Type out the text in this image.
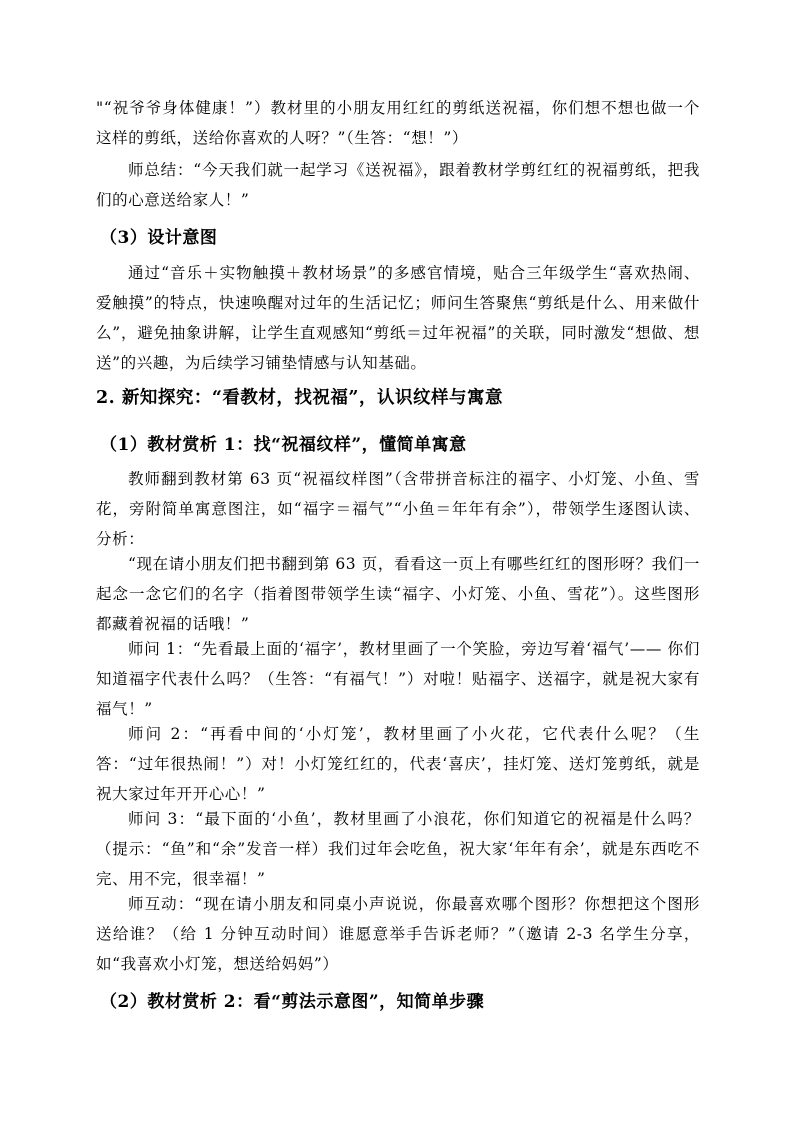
"“祝爷爷身体健康！”）教材里的小朋友用红红的剪纸送祝福，你们想不想也做一个这样的剪纸，送给你喜欢的人呀？”（生答：“想！”）

师总结：“今天我们就一起学习《送祝福》，跟着教材学剪红红的祝福剪纸，把我们的心意送给家人！”

（3）设计意图

通过“音乐＋实物触摸＋教材场景”的多感官情境，贴合三年级学生“喜欢热闹、爱触摸”的特点，快速唤醒对过年的生活记忆；师问生答聚焦“剪纸是什么、用来做什么”，避免抽象讲解，让学生直观感知“剪纸＝过年祝福”的关联，同时激发“想做、想送”的兴趣，为后续学习铺垫情感与认知基础。

2. 新知探究：“看教材，找祝福”，认识纹样与寓意

（1）教材赏析 1：找“祝福纹样”，懂简单寓意

教师翻到教材第 63 页“祝福纹样图”（含带拼音标注的福字、小灯笼、小鱼、雪花，旁附简单寓意图注，如“福字＝福气”“小鱼＝年年有余”），带领学生逐图认读、分析：

“现在请小朋友们把书翻到第 63 页，看看这一页上有哪些红红的图形呀？我们一起念一念它们的名字（指着图带领学生读“福字、小灯笼、小鱼、雪花”）。这些图形都藏着祝福的话哦！”

师问 1：“先看最上面的‘福字’，教材里画了一个笑脸，旁边写着‘福气’—— 你们知道福字代表什么吗？（生答：“有福气！”）对啦！贴福字、送福字，就是祝大家有福气！”

师问 2：“再看中间的‘小灯笼’，教材里画了小火花，它代表什么呢？（生答：“过年很热闹！”）对！小灯笼红红的，代表‘喜庆’，挂灯笼、送灯笼剪纸，就是祝大家过年开开心心！”

师问 3：“最下面的‘小鱼’，教材里画了小浪花，你们知道它的祝福是什么吗？（提示：“鱼”和“余”发音一样）我们过年会吃鱼，祝大家‘年年有余’，就是东西吃不完、用不完，很幸福！”

师互动：“现在请小朋友和同桌小声说说，你最喜欢哪个图形？你想把这个图形送给谁？（给 1 分钟互动时间）谁愿意举手告诉老师？”（邀请 2-3 名学生分享，如“我喜欢小灯笼，想送给妈妈”）

（2）教材赏析 2：看“剪法示意图”，知简单步骤
